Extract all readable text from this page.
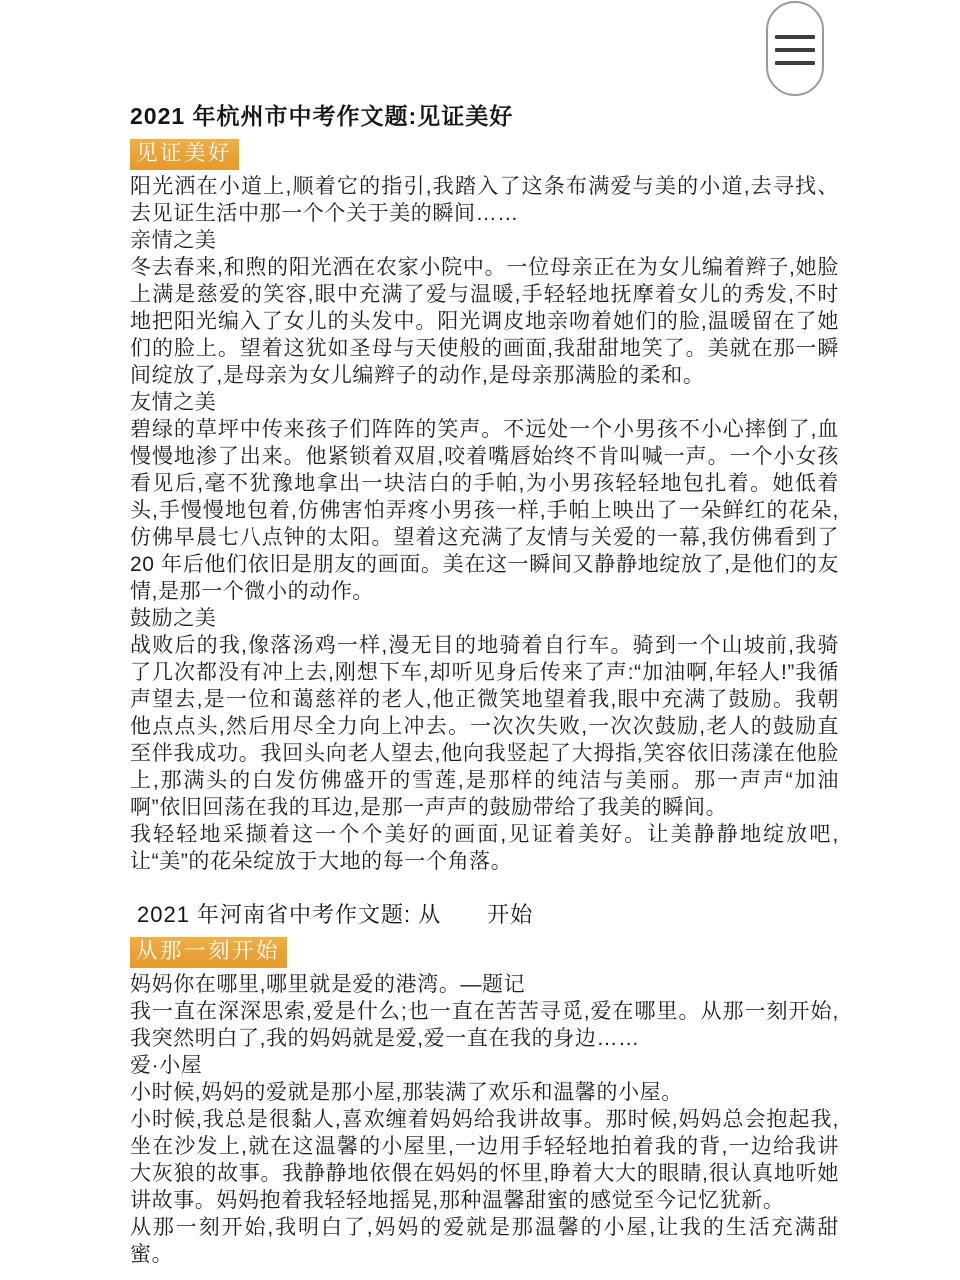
2021 年杭州市中考作文题:见证美好
见证美好

阳光洒在小道上,顺着它的指引,我踏入了这条布满爱与美的小道,去寻找、去见证生活中那一个个关于美的瞬间……

亲情之美

冬去春来,和煦的阳光洒在农家小院中。一位母亲正在为女儿编着辫子,她脸上满是慈爱的笑容,眼中充满了爱与温暖,手轻轻地抚摩着女儿的秀发,不时地把阳光编入了女儿的头发中。阳光调皮地亲吻着她们的脸,温暖留在了她们的脸上。望着这犹如圣母与天使般的画面,我甜甜地笑了。美就在那一瞬间绽放了,是母亲为女儿编辫子的动作,是母亲那满脸的柔和。

友情之美

碧绿的草坪中传来孩子们阵阵的笑声。不远处一个小男孩不小心摔倒了,血慢慢地渗了出来。他紧锁着双眉,咬着嘴唇始终不肯叫喊一声。一个小女孩看见后,毫不犹豫地拿出一块洁白的手帕,为小男孩轻轻地包扎着。她低着头,手慢慢地包着,仿佛害怕弄疼小男孩一样,手帕上映出了一朵鲜红的花朵,仿佛早晨七八点钟的太阳。望着这充满了友情与关爱的一幕,我仿佛看到了 20 年后他们依旧是朋友的画面。美在这一瞬间又静静地绽放了,是他们的友情,是那一个微小的动作。

鼓励之美

战败后的我,像落汤鸡一样,漫无目的地骑着自行车。骑到一个山坡前,我骑了几次都没有冲上去,刚想下车,却听见身后传来了声:“加油啊,年轻人!”我循声望去,是一位和蔼慈祥的老人,他正微笑地望着我,眼中充满了鼓励。我朝他点点头,然后用尽全力向上冲去。一次次失败,一次次鼓励,老人的鼓励直至伴我成功。我回头向老人望去,他向我竖起了大拇指,笑容依旧荡漾在他脸上,那满头的白发仿佛盛开的雪莲,是那样的纯洁与美丽。那一声声“加油啊”依旧回荡在我的耳边,是那一声声的鼓励带给了我美的瞬间。

我轻轻地采撷着这一个个美好的画面,见证着美好。让美静静地绽放吧,让“美”的花朵绽放于大地的每一个角落。

2021 年河南省中考作文题: 从　　开始
从那一刻开始

妈妈你在哪里,哪里就是爱的港湾。—题记

我一直在深深思索,爱是什么;也一直在苦苦寻觅,爱在哪里。从那一刻开始,我突然明白了,我的妈妈就是爱,爱一直在我的身边……

爱·小屋

小时候,妈妈的爱就是那小屋,那装满了欢乐和温馨的小屋。

小时候,我总是很黏人,喜欢缠着妈妈给我讲故事。那时候,妈妈总会抱起我,坐在沙发上,就在这温馨的小屋里,一边用手轻轻地拍着我的背,一边给我讲大灰狼的故事。我静静地依偎在妈妈的怀里,睁着大大的眼睛,很认真地听她讲故事。妈妈抱着我轻轻地摇晃,那种温馨甜蜜的感觉至今记忆犹新。

从那一刻开始,我明白了,妈妈的爱就是那温馨的小屋,让我的生活充满甜蜜。
